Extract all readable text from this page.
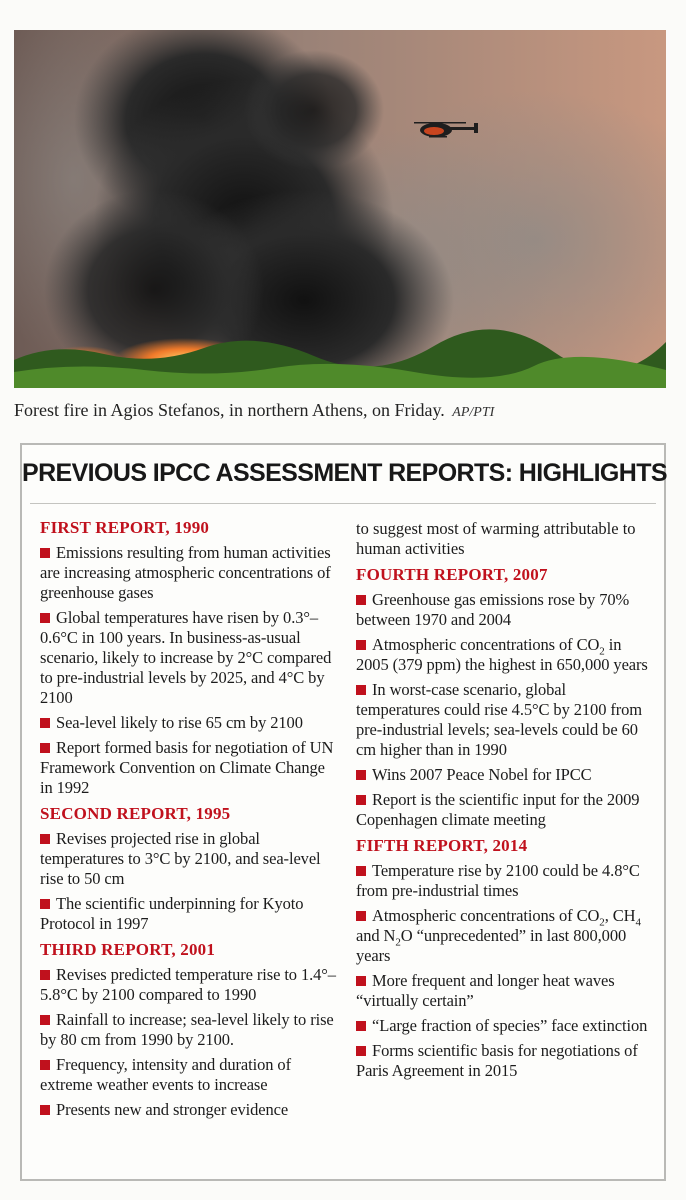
Forest fire in Agios Stefanos, in northern Athens, on Friday. AP/PTI
PREVIOUS IPCC ASSESSMENT REPORTS: HIGHLIGHTS
FIRST REPORT, 1990
Emissions resulting from human activities are increasing atmospheric concentrations of greenhouse gases
Global temperatures have risen by 0.3°–0.6°C in 100 years. In business-as-usual scenario, likely to increase by 2°C compared to pre-industrial levels by 2025, and 4°C by 2100
Sea-level likely to rise 65 cm by 2100
Report formed basis for negotiation of UN Framework Convention on Climate Change in 1992
SECOND REPORT, 1995
Revises projected rise in global temperatures to 3°C by 2100, and sea-level rise to 50 cm
The scientific underpinning for Kyoto Protocol in 1997
THIRD REPORT, 2001
Revises predicted temperature rise to 1.4°–5.8°C by 2100 compared to 1990
Rainfall to increase; sea-level likely to rise by 80 cm from 1990 by 2100.
Frequency, intensity and duration of extreme weather events to increase
Presents new and stronger evidence
to suggest most of warming attributable to human activities
FOURTH REPORT, 2007
Greenhouse gas emissions rose by 70% between 1970 and 2004
Atmospheric concentrations of $CO_2$ in 2005 (379 ppm) the highest in 650,000 years
In worst-case scenario, global temperatures could rise 4.5°C by 2100 from pre-industrial levels; sea-levels could be 60 cm higher than in 1990
Wins 2007 Peace Nobel for IPCC
Report is the scientific input for the 2009 Copenhagen climate meeting
FIFTH REPORT, 2014
Temperature rise by 2100 could be 4.8°C from pre-industrial times
Atmospheric concentrations of $CO_2$, $CH_4$ and $N_2O$ “unprecedented” in last 800,000 years
More frequent and longer heat waves “virtually certain”
“Large fraction of species” face extinction
Forms scientific basis for negotiations of Paris Agreement in 2015
